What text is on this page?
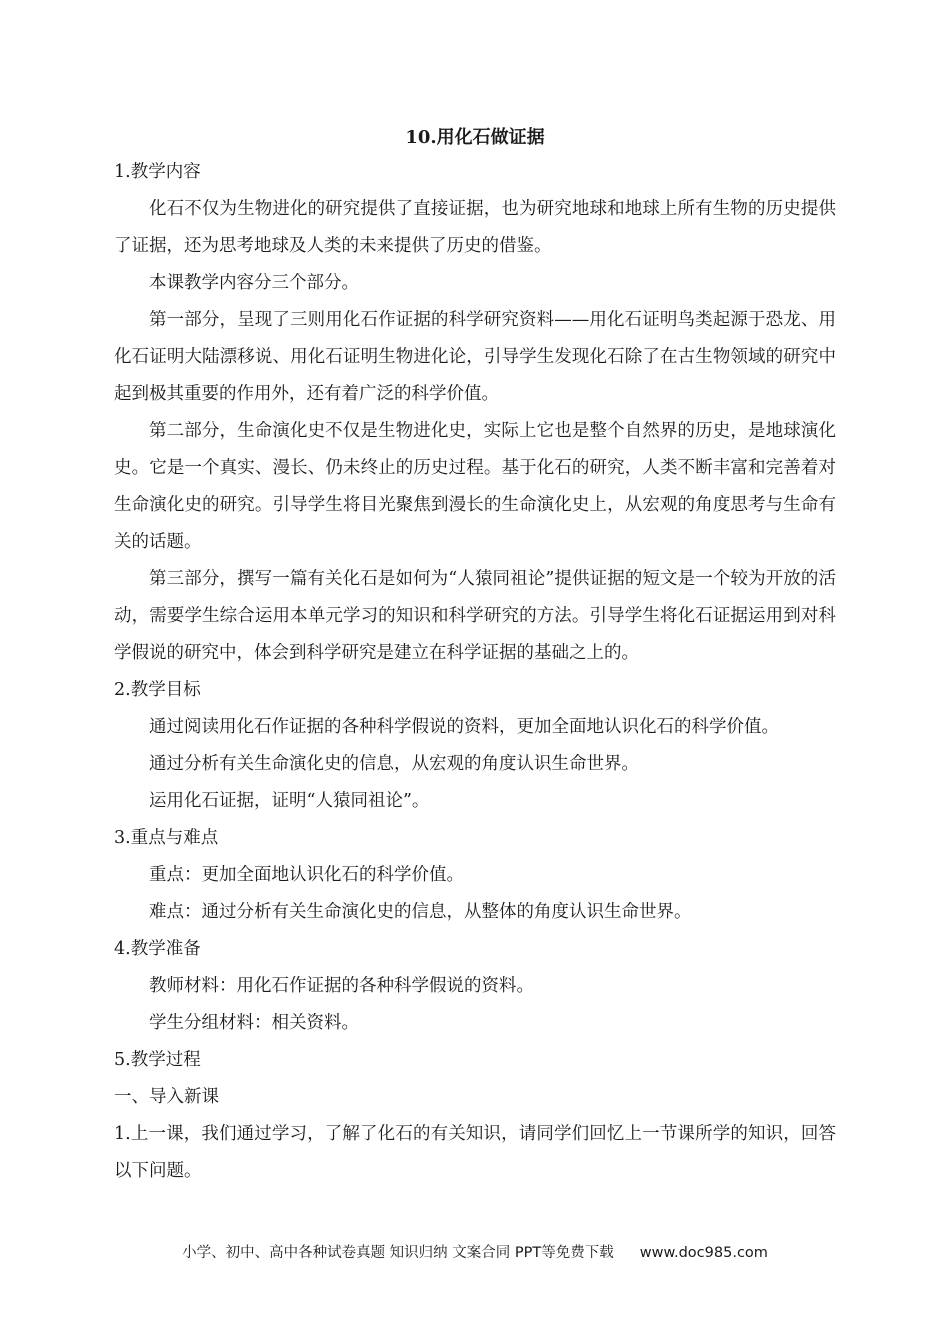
10.用化石做证据

1.教学内容

化石不仅为生物进化的研究提供了直接证据，也为研究地球和地球上所有生物的历史提供了证据，还为思考地球及人类的未来提供了历史的借鉴。

本课教学内容分三个部分。

第一部分，呈现了三则用化石作证据的科学研究资料——用化石证明鸟类起源于恐龙、用化石证明大陆漂移说、用化石证明生物进化论，引导学生发现化石除了在古生物领域的研究中起到极其重要的作用外，还有着广泛的科学价值。

第二部分，生命演化史不仅是生物进化史，实际上它也是整个自然界的历史，是地球演化史。它是一个真实、漫长、仍未终止的历史过程。基于化石的研究，人类不断丰富和完善着对生命演化史的研究。引导学生将目光聚焦到漫长的生命演化史上，从宏观的角度思考与生命有关的话题。

第三部分，撰写一篇有关化石是如何为“人猿同祖论”提供证据的短文是一个较为开放的活动，需要学生综合运用本单元学习的知识和科学研究的方法。引导学生将化石证据运用到对科学假说的研究中，体会到科学研究是建立在科学证据的基础之上的。

2.教学目标

通过阅读用化石作证据的各种科学假说的资料，更加全面地认识化石的科学价值。

通过分析有关生命演化史的信息，从宏观的角度认识生命世界。

运用化石证据，证明“人猿同祖论”。

3.重点与难点

重点：更加全面地认识化石的科学价值。

难点：通过分析有关生命演化史的信息，从整体的角度认识生命世界。

4.教学准备

教师材料：用化石作证据的各种科学假说的资料。

学生分组材料：相关资料。

5.教学过程

一、导入新课

1.上一课，我们通过学习，了解了化石的有关知识，请同学们回忆上一节课所学的知识，回答以下问题。

小学、初中、高中各种试卷真题 知识归纳 文案合同 PPT等免费下载 www.doc985.com
